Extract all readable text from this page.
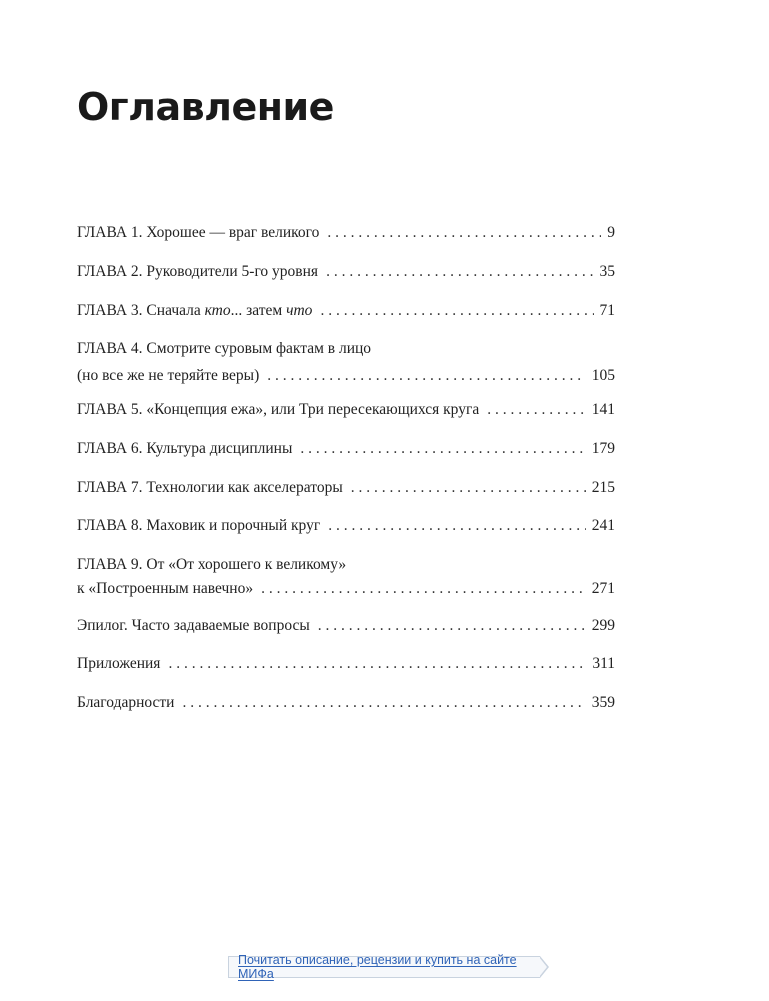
Оглавление
ГЛАВА 1. Хорошее — враг великого . . .	9
ГЛАВА 2. Руководители 5-го уровня . . .	35
ГЛАВА 3. Сначала кто... затем что . . .	71
ГЛАВА 4. Смотрите суровым фактам в лицо
(но все же не теряйте веры) . . .	105
ГЛАВА 5. «Концепция ежа», или Три пересекающихся круга . . .	141
ГЛАВА 6. Культура дисциплины . . .	179
ГЛАВА 7. Технологии как акселераторы . . .	215
ГЛАВА 8. Маховик и порочный круг . . .	241
ГЛАВА 9. От «От хорошего к великому»
к «Построенным навечно» . . .	271
Эпилог. Часто задаваемые вопросы . . .	299
Приложения . . .	311
Благодарности . . .	359
Почитать описание, рецензии и купить на сайте МИФа
